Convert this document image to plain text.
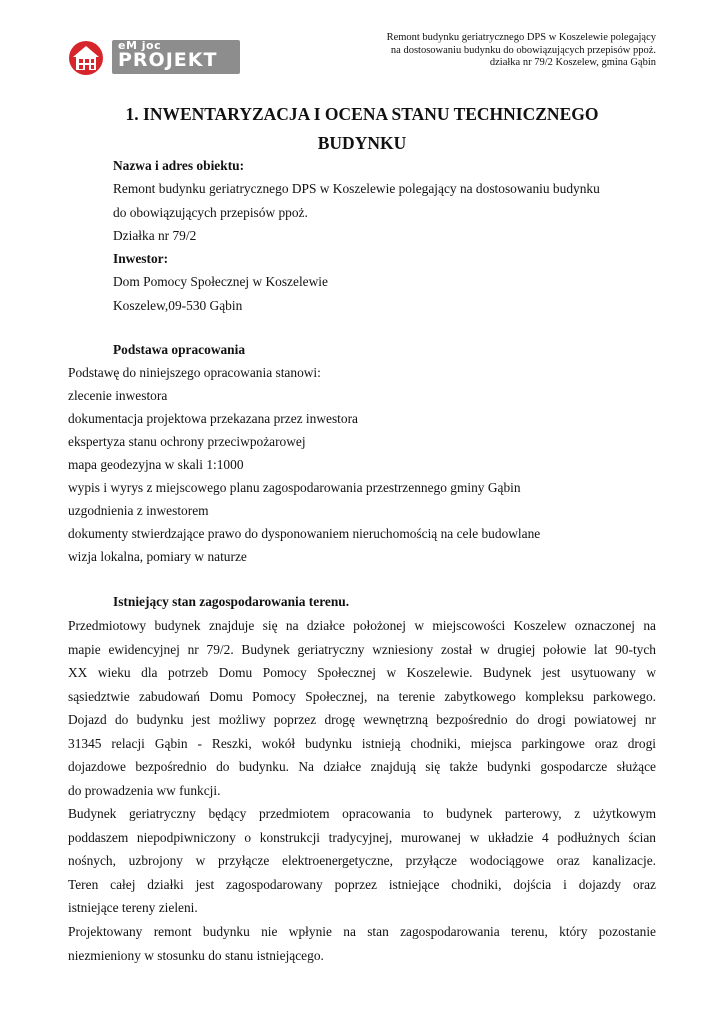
eM joc
PROJEKT
Remont budynku geriatrycznego DPS w Koszelewie polegający
na dostosowaniu budynku do obowiązujących przepisów ppoż.
działka nr 79/2 Koszelew, gmina Gąbin
1. INWENTARYZACJA I OCENA STANU TECHNICZNEGO
BUDYNKU
Nazwa i adres obiektu:
Remont budynku geriatrycznego DPS w Koszelewie polegający na dostosowaniu budynku
do obowiązujących przepisów ppoż.
Działka nr 79/2
Inwestor:
Dom Pomocy Społecznej w Koszelewie
Koszelew,09-530 Gąbin
Podstawa opracowania
Podstawę do niniejszego opracowania stanowi:
zlecenie inwestora
dokumentacja projektowa przekazana przez inwestora
ekspertyza stanu ochrony przeciwpożarowej
mapa geodezyjna w skali 1:1000
wypis i wyrys z miejscowego planu zagospodarowania przestrzennego gminy Gąbin
uzgodnienia z inwestorem
dokumenty stwierdzające prawo do dysponowaniem nieruchomością na cele budowlane
wizja lokalna, pomiary w naturze
Istniejący stan zagospodarowania terenu.
Przedmiotowy budynek znajduje się na działce położonej w miejscowości Koszelew oznaczonej na
mapie ewidencyjnej nr 79/2. Budynek geriatryczny wzniesiony został w drugiej połowie lat 90-tych
XX wieku dla potrzeb Domu Pomocy Społecznej w Koszelewie. Budynek jest usytuowany w
sąsiedztwie zabudowań Domu Pomocy Społecznej, na terenie zabytkowego kompleksu parkowego.
Dojazd do budynku jest możliwy poprzez drogę wewnętrzną bezpośrednio do drogi powiatowej nr
31345 relacji Gąbin - Reszki, wokół budynku istnieją chodniki, miejsca parkingowe oraz drogi
dojazdowe bezpośrednio do budynku. Na działce znajdują się także budynki gospodarcze służące
do prowadzenia ww funkcji.
Budynek geriatryczny będący przedmiotem opracowania to budynek parterowy, z użytkowym
poddaszem niepodpiwniczony o konstrukcji tradycyjnej, murowanej w układzie 4 podłużnych ścian
nośnych, uzbrojony w przyłącze elektroenergetyczne, przyłącze wodociągowe oraz kanalizacje.
Teren całej działki jest zagospodarowany poprzez istniejące chodniki, dojścia i dojazdy oraz
istniejące tereny zieleni.
Projektowany remont budynku nie wpłynie na stan zagospodarowania terenu, który pozostanie
niezmieniony w stosunku do stanu istniejącego.
